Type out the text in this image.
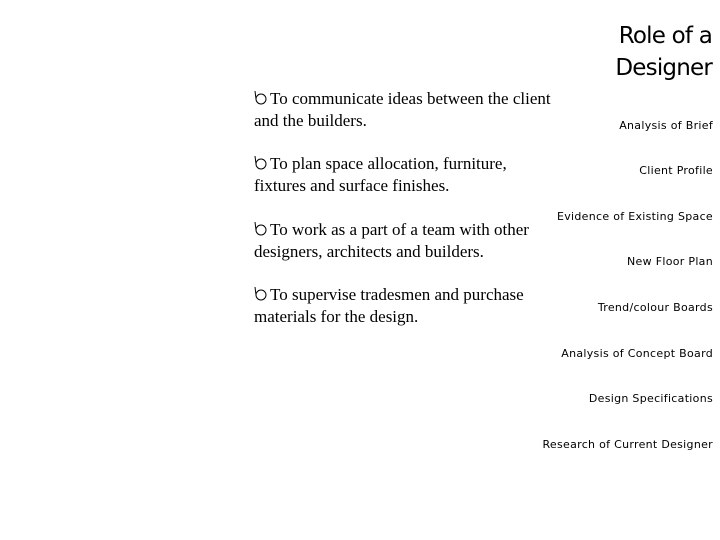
Role of a
Designer
To communicate ideas between the client and the builders.
To plan space allocation, furniture, fixtures and surface finishes.
To work as a part of a team with other designers, architects and builders.
To supervise tradesmen and purchase materials for the design.
Analysis of Brief
Client Profile
Evidence of Existing Space
New Floor Plan
Trend/colour Boards
Analysis of Concept Board
Design Specifications
Research of Current Designer
